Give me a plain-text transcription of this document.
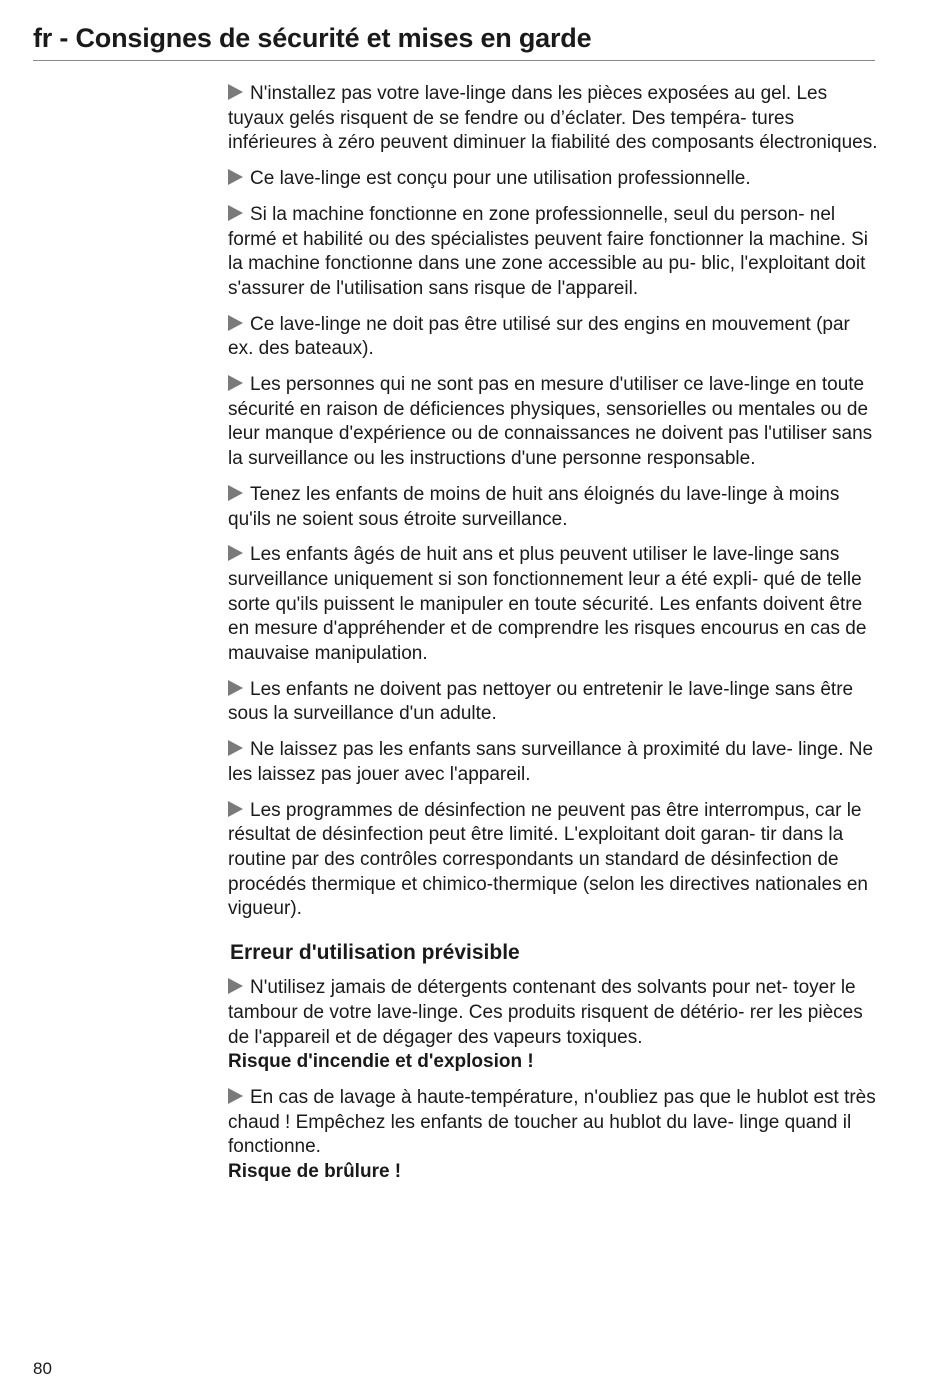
fr - Consignes de sécurité et mises en garde

N'installez pas votre lave-linge dans les pièces exposées au gel. Les tuyaux gelés risquent de se fendre ou d’éclater. Des tempéra- tures inférieures à zéro peuvent diminuer la fiabilité des composants électroniques.

Ce lave-linge est conçu pour une utilisation professionnelle.

Si la machine fonctionne en zone professionnelle, seul du person- nel formé et habilité ou des spécialistes peuvent faire fonctionner la machine. Si la machine fonctionne dans une zone accessible au pu- blic, l'exploitant doit s'assurer de l'utilisation sans risque de l'appareil.

Ce lave-linge ne doit pas être utilisé sur des engins en mouvement (par ex. des bateaux).

Les personnes qui ne sont pas en mesure d'utiliser ce lave-linge en toute sécurité en raison de déficiences physiques, sensorielles ou mentales ou de leur manque d'expérience ou de connaissances ne doivent pas l'utiliser sans la surveillance ou les instructions d'une personne responsable.

Tenez les enfants de moins de huit ans éloignés du lave-linge à moins qu'ils ne soient sous étroite surveillance.

Les enfants âgés de huit ans et plus peuvent utiliser le lave-linge sans surveillance uniquement si son fonctionnement leur a été expli- qué de telle sorte qu'ils puissent le manipuler en toute sécurité. Les enfants doivent être en mesure d'appréhender et de comprendre les risques encourus en cas de mauvaise manipulation.

Les enfants ne doivent pas nettoyer ou entretenir le lave-linge sans être sous la surveillance d'un adulte.

Ne laissez pas les enfants sans surveillance à proximité du lave- linge. Ne les laissez pas jouer avec l'appareil.

Les programmes de désinfection ne peuvent pas être interrompus, car le résultat de désinfection peut être limité. L'exploitant doit garan- tir dans la routine par des contrôles correspondants un standard de désinfection de procédés thermique et chimico-thermique (selon les directives nationales en vigueur).

Erreur d'utilisation prévisible

N'utilisez jamais de détergents contenant des solvants pour net- toyer le tambour de votre lave-linge. Ces produits risquent de détério- rer les pièces de l'appareil et de dégager des vapeurs toxiques.
Risque d'incendie et d'explosion !

En cas de lavage à haute-température, n'oubliez pas que le hublot est très chaud ! Empêchez les enfants de toucher au hublot du lave- linge quand il fonctionne.
Risque de brûlure !

80
